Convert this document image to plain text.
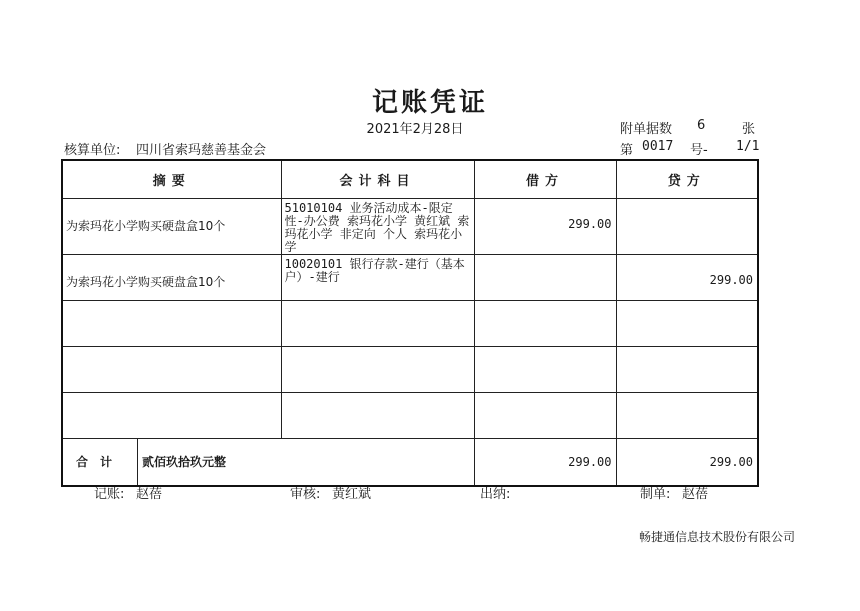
记账凭证
2021年2月28日
核算单位: 四川省索玛慈善基金会
附单据数 6	张
第 0017 号- 1/1
摘要	会计科目	借方	贷方
为索玛花小学购买硬盘盒10个	51010104 业务活动成本-限定性-办公费 索玛花小学 黄红斌 索玛花小学 非定向 个人 索玛花小学	299.00	
为索玛花小学购买硬盘盒10个	10020101 银行存款-建行（基本户）-建行		299.00

合计 贰佰玖拾玖元整		299.00	299.00
记账: 赵蓓	审核: 黄红斌	出纳:	制单: 赵蓓
畅捷通信息技术股份有限公司
